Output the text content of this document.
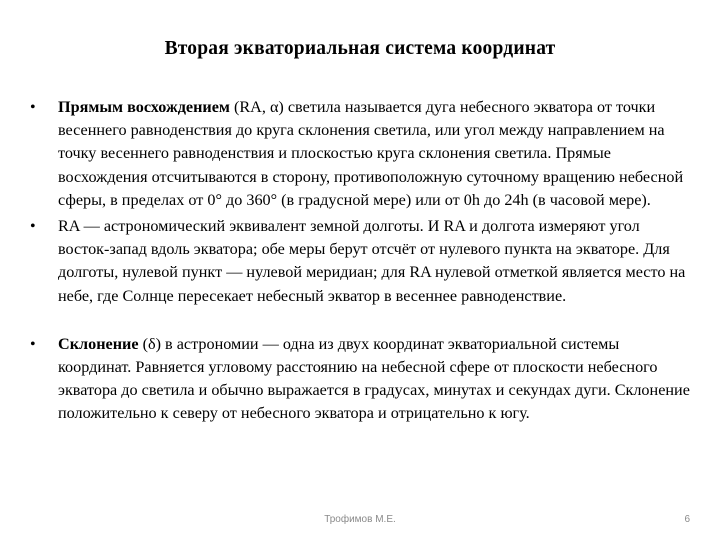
Вторая экваториальная система координат
•	Прямым восхождением (RA, α) светила называется дуга небесного экватора от точки весеннего равноденствия до круга склонения светила, или угол между направлением на точку весеннего равноденствия и плоскостью круга склонения светила. Прямые восхождения отсчитываются в сторону, противоположную суточному вращению небесной сферы, в пределах от 0° до 360° (в градусной мере) или от 0h до 24h (в часовой мере).
•	RA — астрономический эквивалент земной долготы. И RA и долгота измеряют угол восток-запад вдоль экватора; обе меры берут отсчёт от нулевого пункта на экваторе. Для долготы, нулевой пункт — нулевой меридиан; для RA нулевой отметкой является место на небе, где Солнце пересекает небесный экватор в весеннее равноденствие.
•	Склонение (δ) в астрономии — одна из двух координат экваториальной системы координат. Равняется угловому расстоянию на небесной сфере от плоскости небесного экватора до светила и обычно выражается в градусах, минутах и секундах дуги. Склонение положительно к северу от небесного экватора и отрицательно к югу.
Трофимов М.Е.	6
